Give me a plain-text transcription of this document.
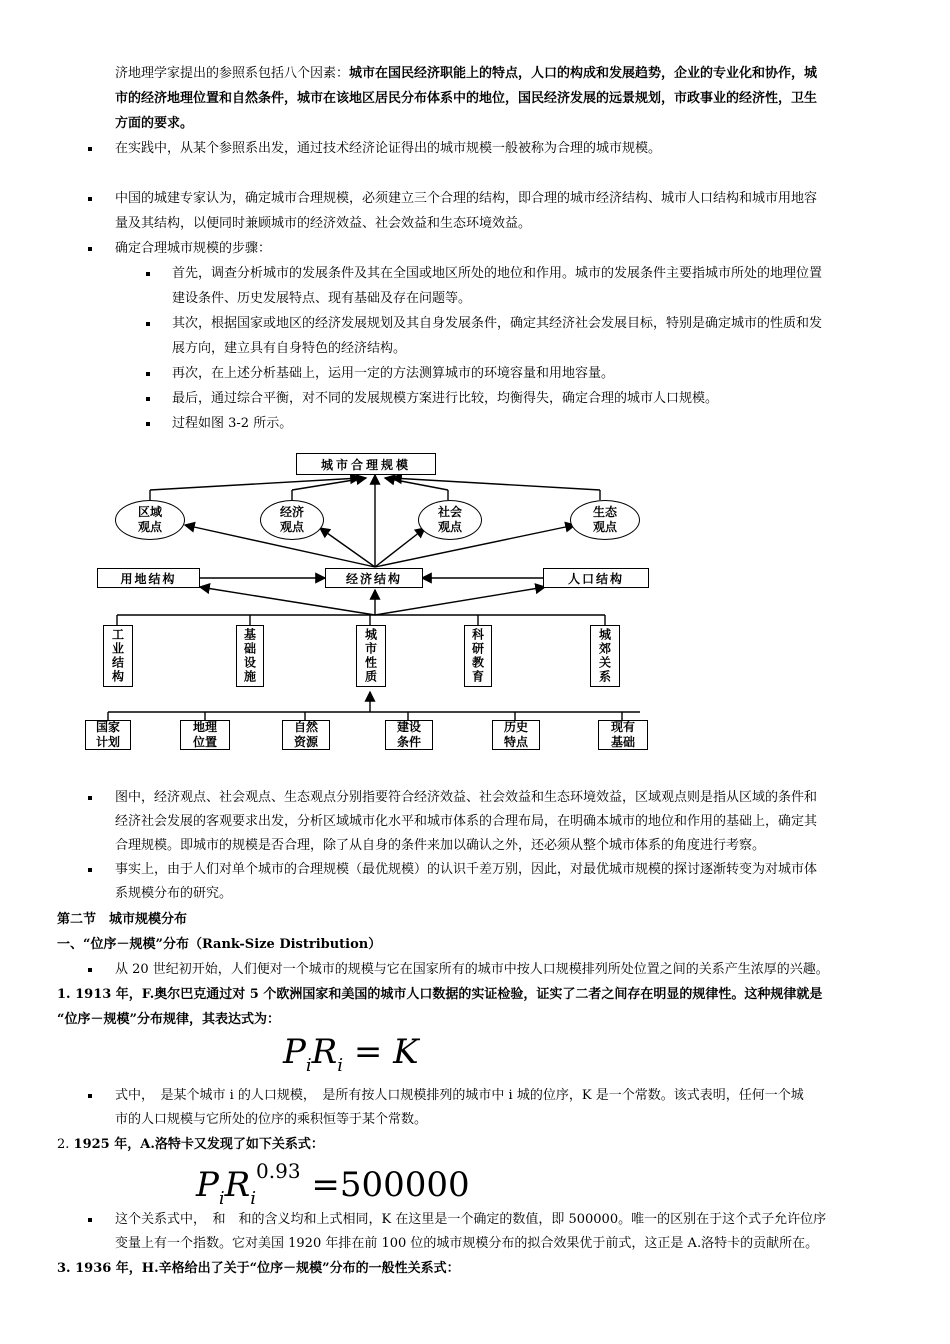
济地理学家提出的参照系包括八个因素：城市在国民经济职能上的特点，人口的构成和发展趋势，企业的专业化和协作，城
市的经济地理位置和自然条件，城市在该地区居民分布体系中的地位，国民经济发展的远景规划，市政事业的经济性，卫生
方面的要求。
在实践中，从某个参照系出发，通过技术经济论证得出的城市规模一般被称为合理的城市规模。
中国的城建专家认为，确定城市合理规模，必须建立三个合理的结构，即合理的城市经济结构、城市人口结构和城市用地容
量及其结构，以便同时兼顾城市的经济效益、社会效益和生态环境效益。
确定合理城市规模的步骤：
首先，调查分析城市的发展条件及其在全国或地区所处的地位和作用。城市的发展条件主要指城市所处的地理位置
建设条件、历史发展特点、现有基础及存在问题等。
其次，根据国家或地区的经济发展规划及其自身发展条件，确定其经济社会发展目标，特别是确定城市的性质和发
展方向，建立具有自身特色的经济结构。
再次，在上述分析基础上，运用一定的方法测算城市的环境容量和用地容量。
最后，通过综合平衡，对不同的发展规模方案进行比较，均衡得失，确定合理的城市人口规模。
过程如图 3-2 所示。
城市合理规模
区域观点
经济观点
社会观点
生态观点
用地结构	经济结构	人口结构
工业结构	基础设施	城市性质	科研教育	城郊关系
国家计划
地理位置
自然资源
建设条件
历史特点
现有基础
图中，经济观点、社会观点、生态观点分别指要符合经济效益、社会效益和生态环境效益，区域观点则是指从区域的条件和
经济社会发展的客观要求出发，分析区域城市化水平和城市体系的合理布局，在明确本城市的地位和作用的基础上，确定其
合理规模。即城市的规模是否合理，除了从自身的条件来加以确认之外，还必须从整个城市体系的角度进行考察。
事实上，由于人们对单个城市的合理规模（最优规模）的认识千差万别，因此，对最优城市规模的探讨逐渐转变为对城市体
系规模分布的研究。
第二节　城市规模分布
一、“位序－规模”分布（Rank-Size Distribution）
从 20 世纪初开始，人们便对一个城市的规模与它在国家所有的城市中按人口规模排列所处位置之间的关系产生浓厚的兴趣。
1. 1913 年，F.奥尔巴克通过对 5 个欧洲国家和美国的城市人口数据的实证检验，证实了二者之间存在明显的规律性。这种规律就是
“位序－规模”分布规律，其表达式为：
$P_iR_i = K$
式中，　是某个城市 i 的人口规模，　是所有按人口规模排列的城市中 i 城的位序，K 是一个常数。该式表明，任何一个城
市的人口规模与它所处的位序的乘积恒等于某个常数。
2. 1925 年，A.洛特卡又发现了如下关系式：
$P_iR_i^{0.93} =500000$
这个关系式中，　和　和的含义均和上式相同，K 在这里是一个确定的数值，即 500000。唯一的区别在于这个式子允许位序
变量上有一个指数。它对美国 1920 年排在前 100 位的城市规模分布的拟合效果优于前式，这正是 A.洛特卡的贡献所在。
3. 1936 年，H.辛格给出了关于“位序－规模”分布的一般性关系式：
